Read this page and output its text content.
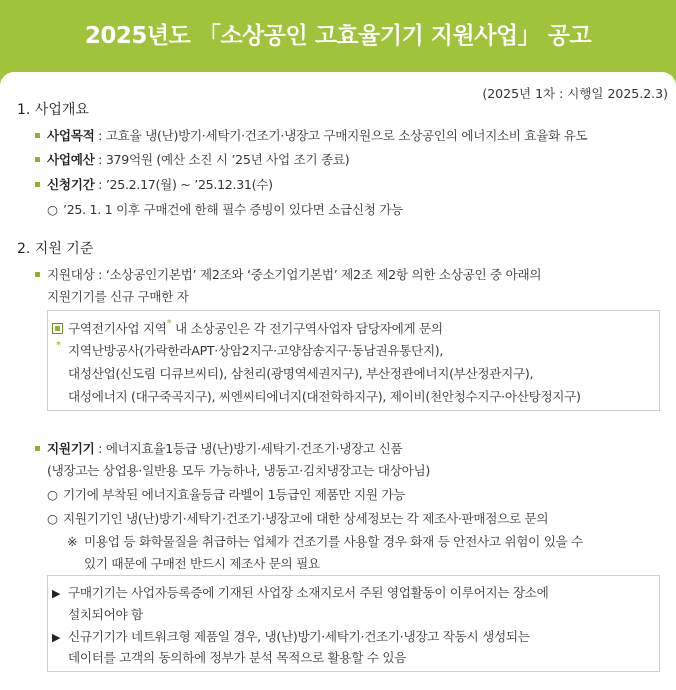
2025년도 「소상공인 고효율기기 지원사업」 공고
(2025년 1차 : 시행일 2025.2.3)
1. 사업개요
사업목적 : 고효율 냉(난)방기·세탁기·건조기·냉장고 구매지원으로 소상공인의 에너지소비 효율화 유도
사업예산 : 379억원 (예산 소진 시 ’25년 사업 조기 종료)
신청기간 : ’25.2.17(월) ~ ’25.12.31(수)
○ ’25. 1. 1 이후 구매건에 한해 필수 증빙이 있다면 소급신청 가능
2. 지원 기준
지원대상 : ‘소상공인기본법’ 제2조와 ‘중소기업기본법’ 제2조 제2항 의한 소상공인 중 아래의
지원기기를 신규 구매한 자
구역전기사업 지역* 내 소상공인은 각 전기구역사업자 담당자에게 문의
* 지역난방공사(가락한라APT·상암2지구·고양삼송지구·동남권유통단지),
대성산업(신도림 디큐브씨티), 삼천리(광명역세권지구), 부산정관에너지(부산정관지구),
대성에너지 (대구죽곡지구), 씨엔씨티에너지(대전학하지구), 제이비(천안청수지구·아산탕정지구)
지원기기 : 에너지효율1등급 냉(난)방기·세탁기·건조기·냉장고 신품
(냉장고는 상업용·일반용 모두 가능하나, 냉동고·김치냉장고는 대상아님)
○ 기기에 부착된 에너지효율등급 라벨이 1등급인 제품만 지원 가능
○ 지원기기인 냉(난)방기·세탁기·건조기·냉장고에 대한 상세정보는 각 제조사·판매점으로 문의
※ 미용업 등 화학물질을 취급하는 업체가 건조기를 사용할 경우 화재 등 안전사고 위험이 있을 수
있기 때문에 구매전 반드시 제조사 문의 필요
▶ 구매기기는 사업자등록증에 기재된 사업장 소재지로서 주된 영업활동이 이루어지는 장소에
설치되어야 함
▶ 신규기기가 네트워크형 제품일 경우, 냉(난)방기·세탁기·건조기·냉장고 작동시 생성되는
데이터를 고객의 동의하에 정부가 분석 목적으로 활용할 수 있음
